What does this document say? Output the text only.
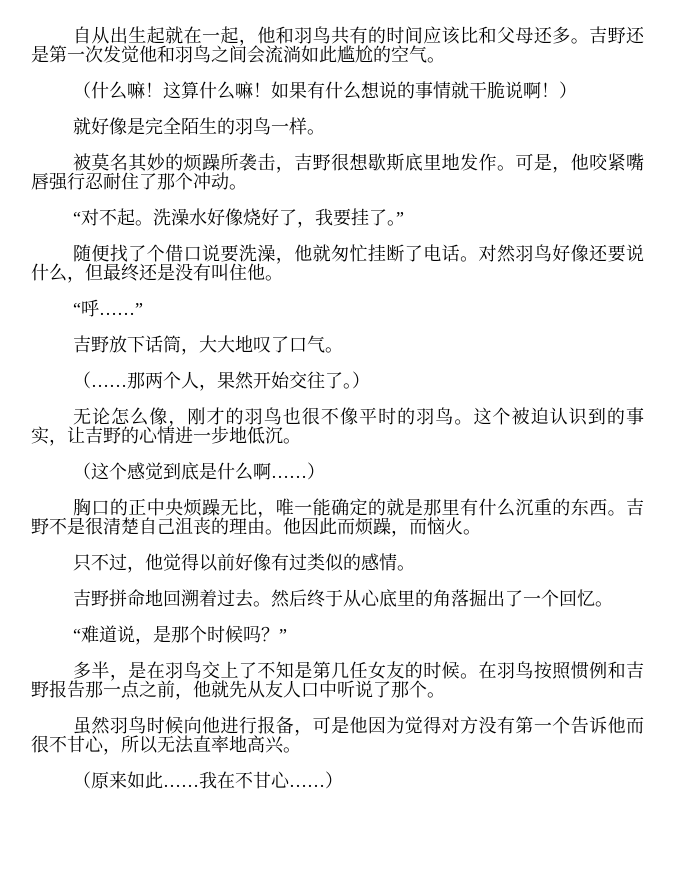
自从出生起就在一起，他和羽鸟共有的时间应该比和父母还多。吉野还是第一次发觉他和羽鸟之间会流淌如此尴尬的空气。

（什么嘛！这算什么嘛！如果有什么想说的事情就干脆说啊！）

就好像是完全陌生的羽鸟一样。

被莫名其妙的烦躁所袭击，吉野很想歇斯底里地发作。可是，他咬紧嘴唇强行忍耐住了那个冲动。

“对不起。洗澡水好像烧好了，我要挂了。”

随便找了个借口说要洗澡，他就匆忙挂断了电话。对然羽鸟好像还要说什么，但最终还是没有叫住他。

“呼……”

吉野放下话筒，大大地叹了口气。

（……那两个人，果然开始交往了。）

无论怎么像，刚才的羽鸟也很不像平时的羽鸟。这个被迫认识到的事实，让吉野的心情进一步地低沉。

（这个感觉到底是什么啊……）

胸口的正中央烦躁无比，唯一能确定的就是那里有什么沉重的东西。吉野不是很清楚自己沮丧的理由。他因此而烦躁，而恼火。

只不过，他觉得以前好像有过类似的感情。

吉野拼命地回溯着过去。然后终于从心底里的角落掘出了一个回忆。

“难道说，是那个时候吗？”

多半，是在羽鸟交上了不知是第几任女友的时候。在羽鸟按照惯例和吉野报告那一点之前，他就先从友人口中听说了那个。

虽然羽鸟时候向他进行报备，可是他因为觉得对方没有第一个告诉他而很不甘心，所以无法直率地高兴。

（原来如此……我在不甘心……）
